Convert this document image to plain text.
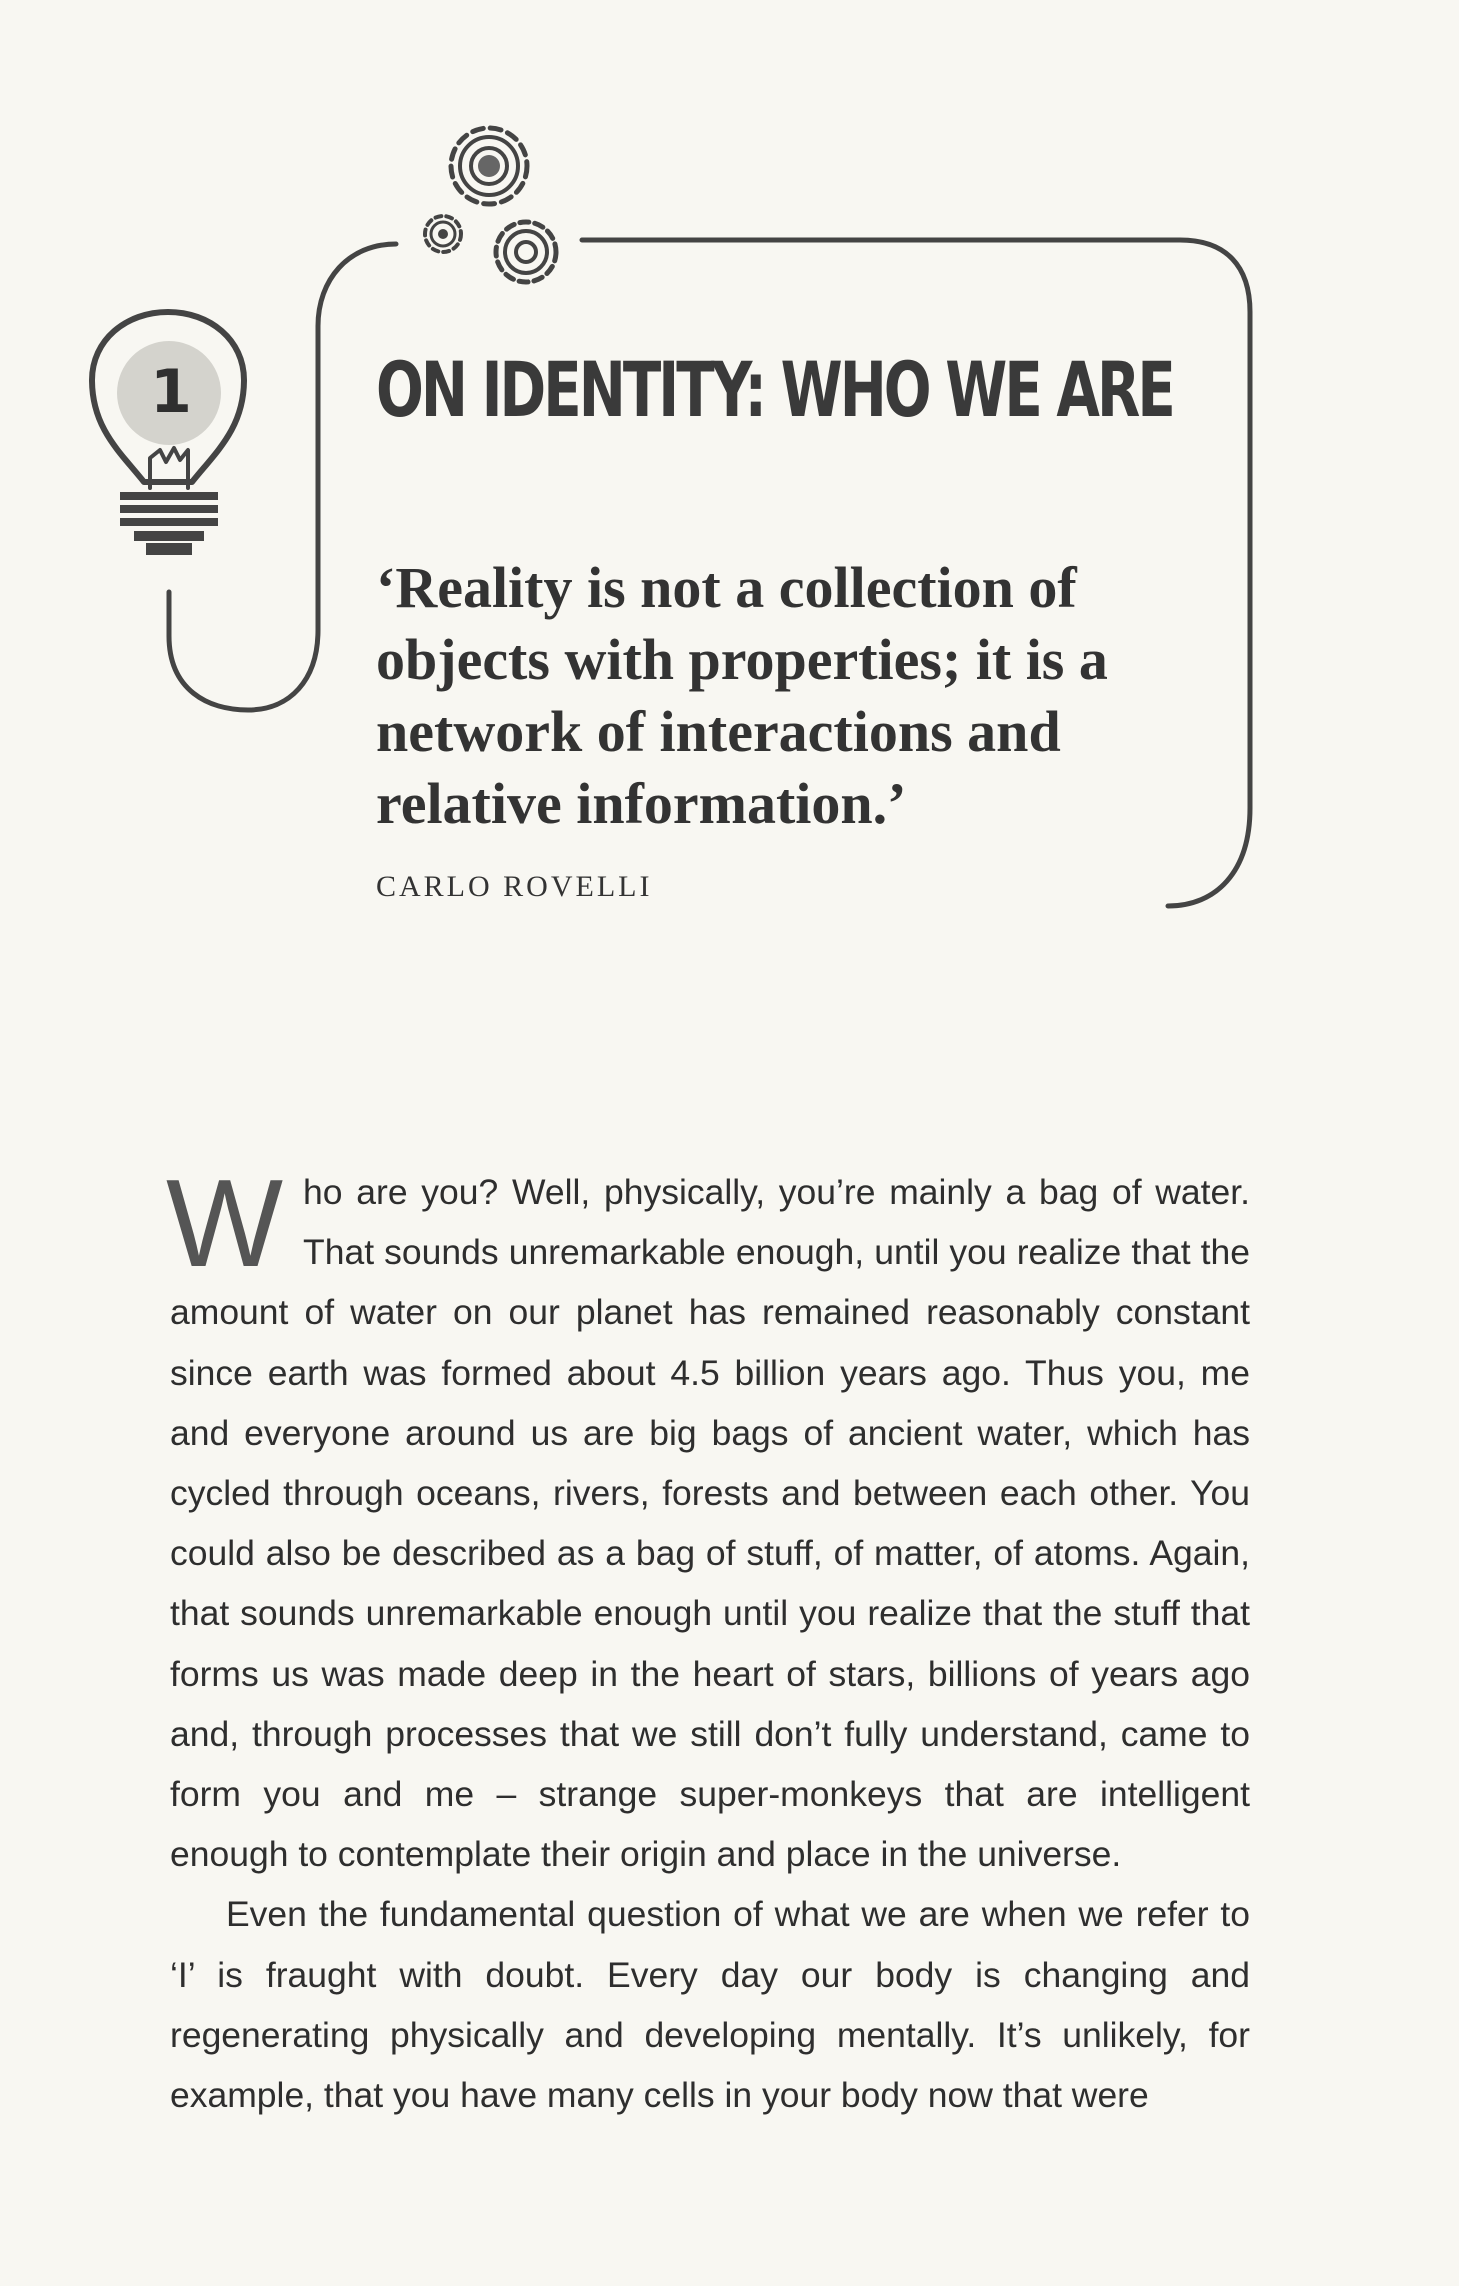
1 ON IDENTITY: WHO WE ARE

‘Reality is not a collection of objects with properties; it is a network of interactions and relative information.’

CARLO ROVELLI

Who are you? Well, physically, you’re mainly a bag of water. That sounds unremarkable enough, until you realize that the amount of water on our planet has remained reasonably constant since earth was formed about 4.5 billion years ago. Thus you, me and everyone around us are big bags of ancient water, which has cycled through oceans, rivers, forests and between each other. You could also be described as a bag of stuff, of matter, of atoms. Again, that sounds unremarkable enough until you realize that the stuff that forms us was made deep in the heart of stars, billions of years ago and, through processes that we still don’t fully understand, came to form you and me – strange super-monkeys that are intelligent enough to contemplate their origin and place in the universe.

Even the fundamental question of what we are when we refer to ‘I’ is fraught with doubt. Every day our body is changing and regenerating physically and developing mentally. It’s unlikely, for example, that you have many cells in your body now that were
